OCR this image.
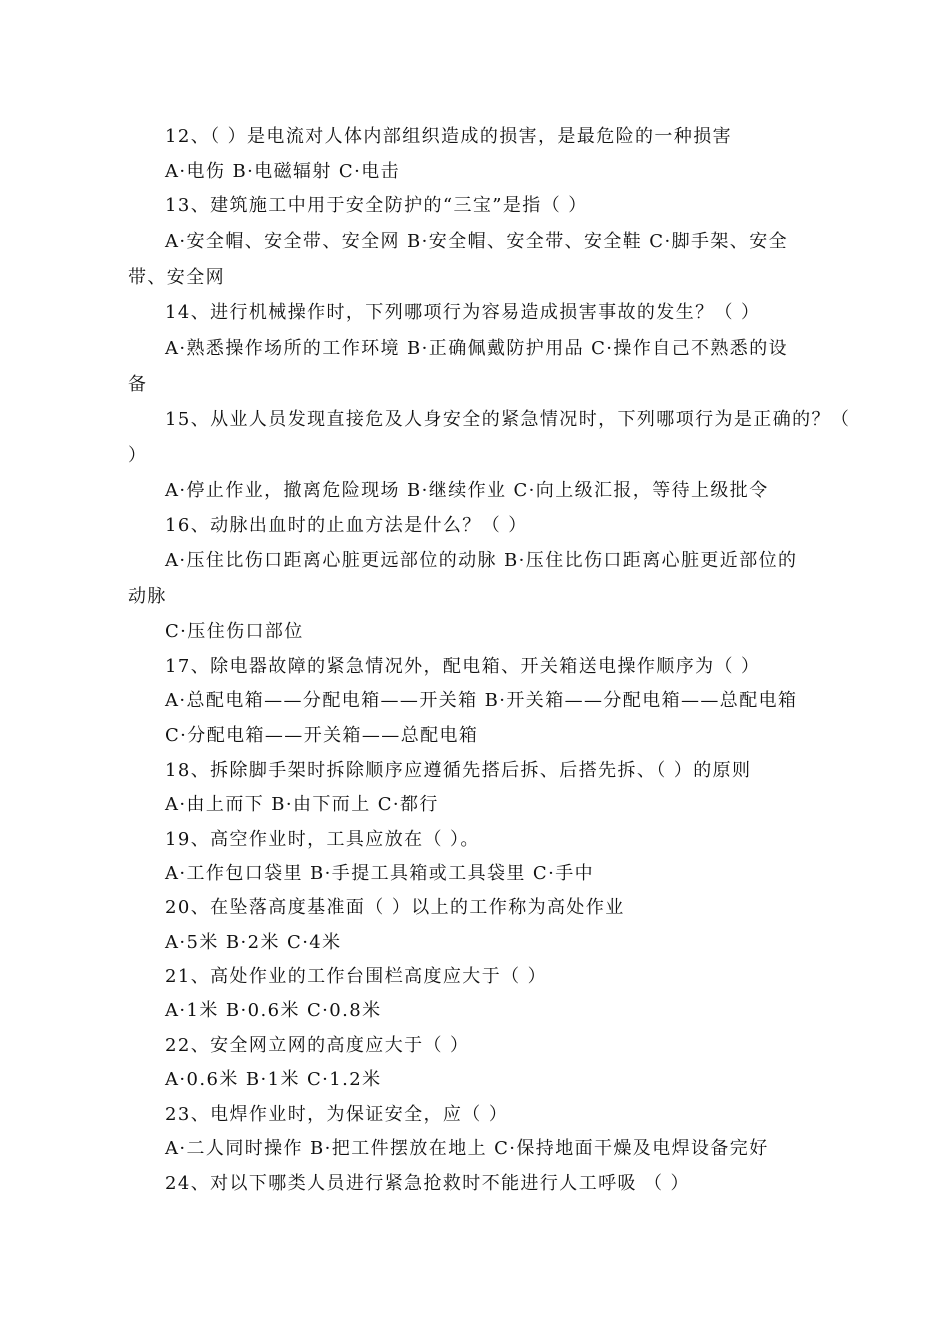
12、（ ）是电流对人体内部组织造成的损害，是最危险的一种损害
A·电伤 B·电磁辐射 C·电击
13、建筑施工中用于安全防护的“三宝”是指（ ）
A·安全帽、安全带、安全网 B·安全帽、安全带、安全鞋 C·脚手架、安全
带、安全网
14、进行机械操作时，下列哪项行为容易造成损害事故的发生？（ ）
A·熟悉操作场所的工作环境 B·正确佩戴防护用品 C·操作自己不熟悉的设
备
15、从业人员发现直接危及人身安全的紧急情况时，下列哪项行为是正确的？（
）
A·停止作业，撤离危险现场 B·继续作业 C·向上级汇报，等待上级批令
16、动脉出血时的止血方法是什么？（ ）
A·压住比伤口距离心脏更远部位的动脉 B·压住比伤口距离心脏更近部位的
动脉
C·压住伤口部位
17、除电器故障的紧急情况外，配电箱、开关箱送电操作顺序为（ ）
A·总配电箱——分配电箱——开关箱 B·开关箱——分配电箱——总配电箱
C·分配电箱——开关箱——总配电箱
18、拆除脚手架时拆除顺序应遵循先搭后拆、后搭先拆、（ ）的原则
A·由上而下 B·由下而上 C·都行
19、高空作业时，工具应放在（ ）。
A·工作包口袋里 B·手提工具箱或工具袋里 C·手中
20、在坠落高度基准面（ ）以上的工作称为高处作业
A·5米 B·2米 C·4米
21、高处作业的工作台围栏高度应大于（ ）
A·1米 B·0.6米 C·0.8米
22、安全网立网的高度应大于（ ）
A·0.6米 B·1米 C·1.2米
23、电焊作业时，为保证安全，应（ ）
A·二人同时操作 B·把工件摆放在地上 C·保持地面干燥及电焊设备完好
24、对以下哪类人员进行紧急抢救时不能进行人工呼吸 （ ）
